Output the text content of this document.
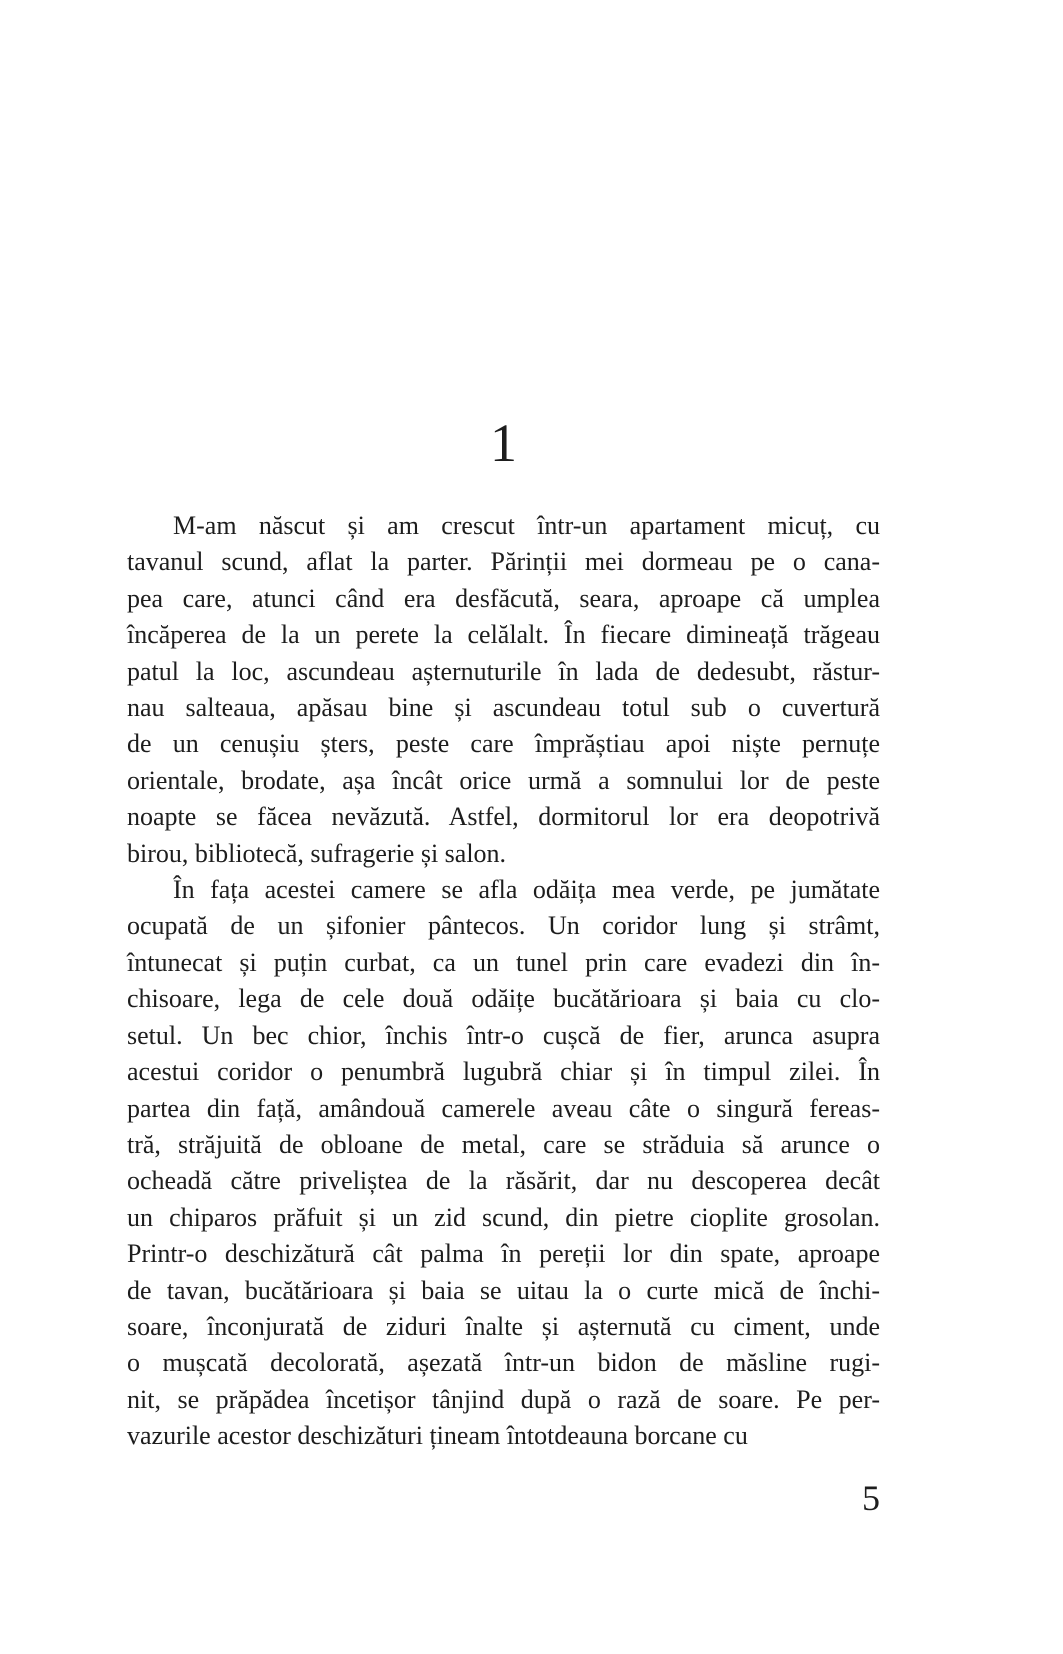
1
M-am născut și am crescut într-un apartament micuț, cu
tavanul scund, aflat la parter. Părinții mei dormeau pe o cana-
pea care, atunci când era desfăcută, seara, aproape că umplea
încăperea de la un perete la celălalt. În fiecare dimineață trăgeau
patul la loc, ascundeau așternuturile în lada de dedesubt, răstur-
nau salteaua, apăsau bine și ascundeau totul sub o cuvertură
de un cenușiu șters, peste care împrăștiau apoi niște pernuțe
orientale, brodate, așa încât orice urmă a somnului lor de peste
noapte se făcea nevăzută. Astfel, dormitorul lor era deopotrivă
birou, bibliotecă, sufragerie și salon.
În fața acestei camere se afla odăița mea verde, pe jumătate
ocupată de un șifonier pântecos. Un coridor lung și strâmt,
întunecat și puțin curbat, ca un tunel prin care evadezi din în-
chisoare, lega de cele două odăițe bucătărioara și baia cu clo-
setul. Un bec chior, închis într-o cușcă de fier, arunca asupra
acestui coridor o penumbră lugubră chiar și în timpul zilei. În
partea din față, amândouă camerele aveau câte o singură fereas-
tră, străjuită de obloane de metal, care se străduia să arunce o
ocheadă către priveliștea de la răsărit, dar nu descoperea decât
un chiparos prăfuit și un zid scund, din pietre cioplite grosolan.
Printr-o deschizătură cât palma în pereții lor din spate, aproape
de tavan, bucătărioara și baia se uitau la o curte mică de închi-
soare, înconjurată de ziduri înalte și așternută cu ciment, unde
o mușcată decolorată, așezată într-un bidon de măsline rugi-
nit, se prăpădea încetișor tânjind după o rază de soare. Pe per-
vazurile acestor deschizături țineam întotdeauna borcane cu
5
